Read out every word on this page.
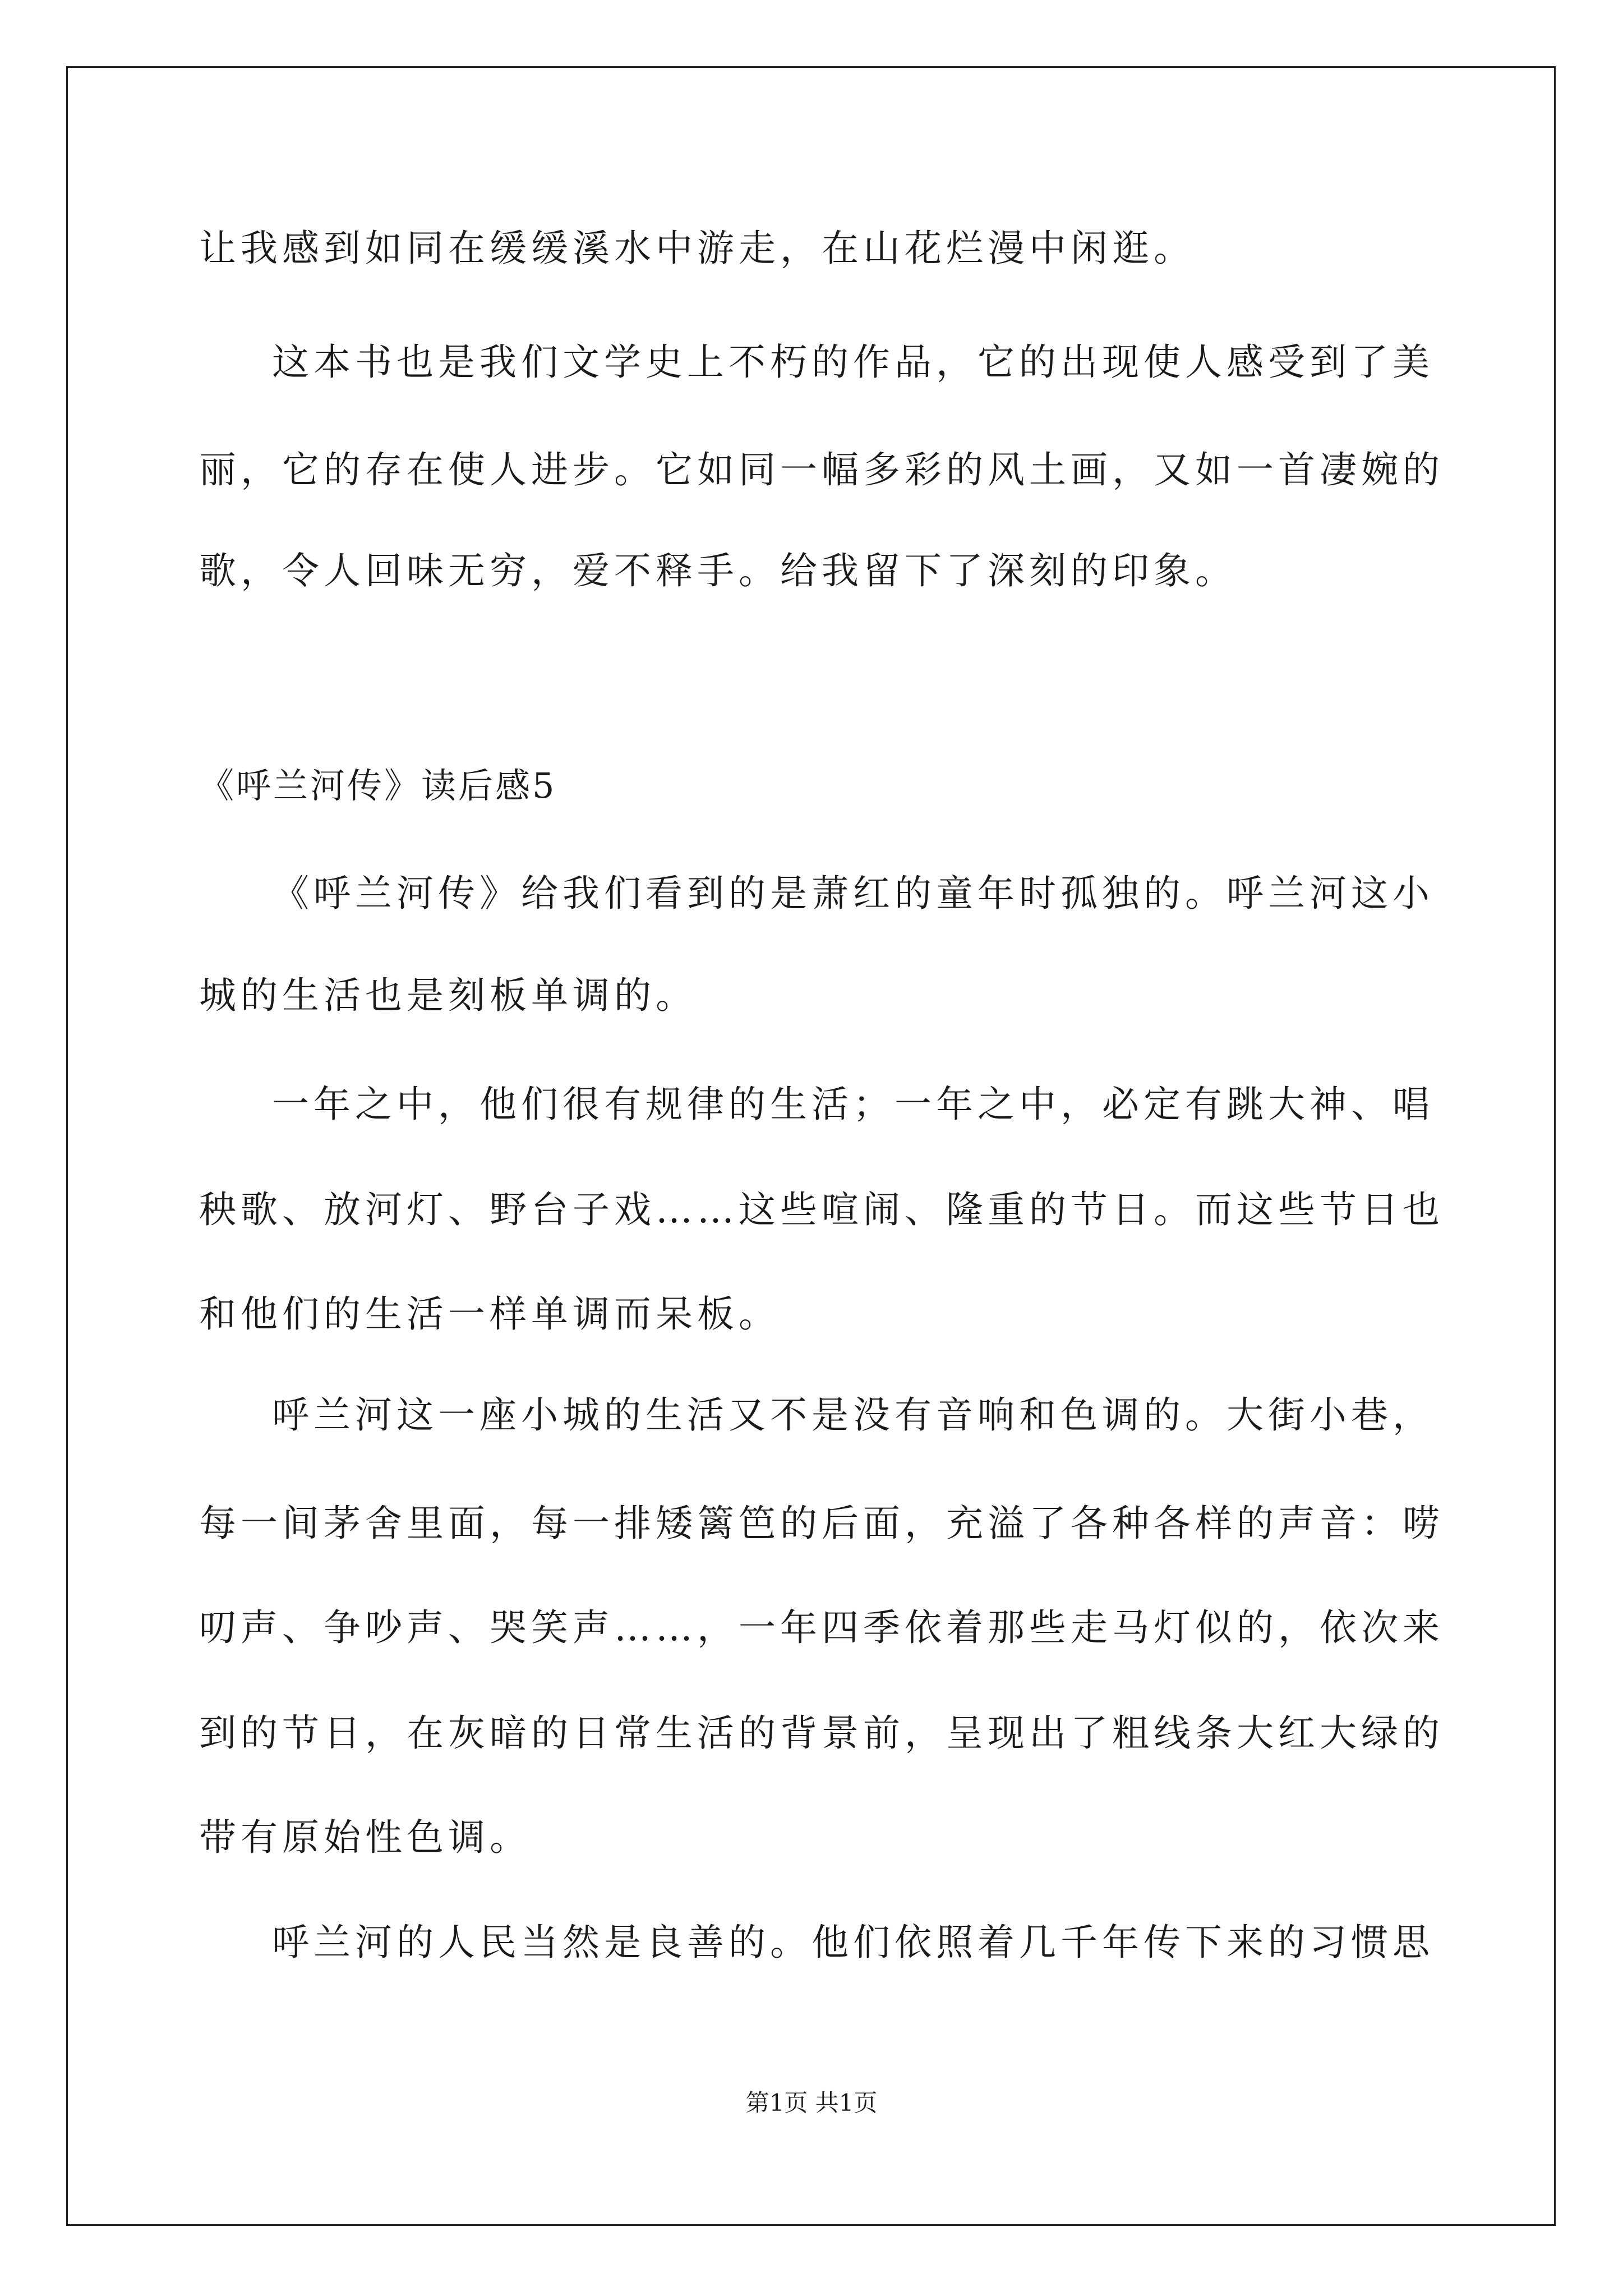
让我感到如同在缓缓溪水中游走，在山花烂漫中闲逛。
这本书也是我们文学史上不朽的作品，它的出现使人感受到了美
丽，它的存在使人进步。它如同一幅多彩的风土画，又如一首凄婉的
歌，令人回味无穷，爱不释手。给我留下了深刻的印象。
《呼兰河传》读后感5
《呼兰河传》给我们看到的是萧红的童年时孤独的。呼兰河这小
城的生活也是刻板单调的。
一年之中，他们很有规律的生活；一年之中，必定有跳大神、唱
秧歌、放河灯、野台子戏……这些喧闹、隆重的节日。而这些节日也
和他们的生活一样单调而呆板。
呼兰河这一座小城的生活又不是没有音响和色调的。大街小巷，
每一间茅舍里面，每一排矮篱笆的后面，充溢了各种各样的声音：唠
叨声、争吵声、哭笑声……，一年四季依着那些走马灯似的，依次来
到的节日，在灰暗的日常生活的背景前，呈现出了粗线条大红大绿的
带有原始性色调。
呼兰河的人民当然是良善的。他们依照着几千年传下来的习惯思
第1页 共1页
